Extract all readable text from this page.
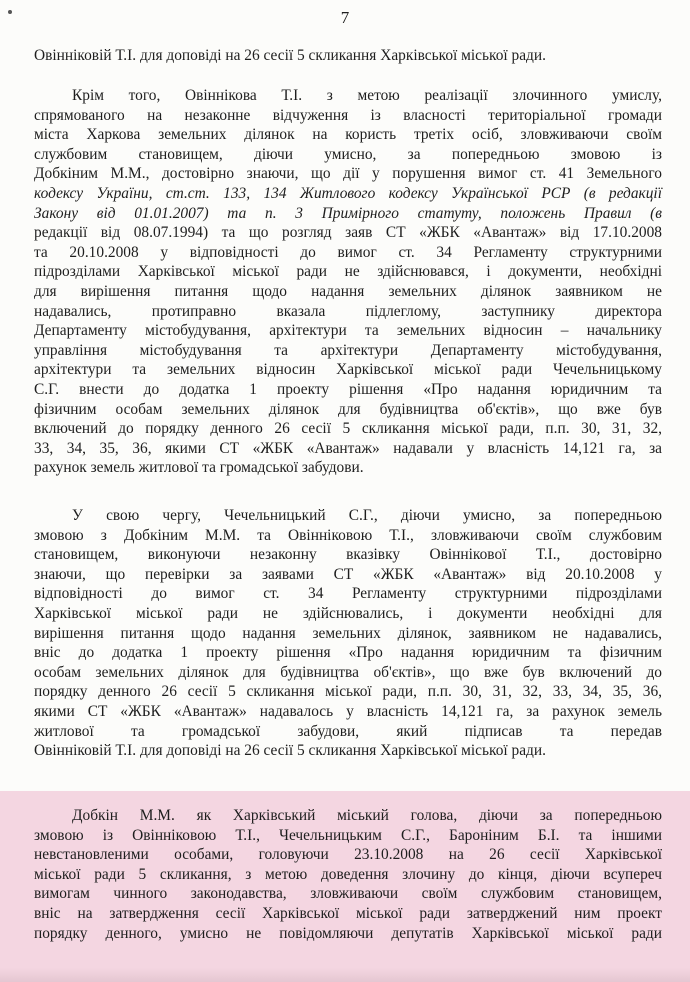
7
Овінніковій Т.І. для доповіді на 26 сесії 5 скликання Харківської міської ради.
Крім того, Овіннікова Т.І. з метою реалізації злочинного умислу,
спрямованого на незаконне відчуження із власності територіальної громади
міста Харкова земельних ділянок на користь третіх осіб, зловживаючи своїм
службовим становищем, діючи умисно, за попередньою змовою із
Добкіним М.М., достовірно знаючи, що дії у порушення вимог ст. 41 Земельного
кодексу України, ст.ст. 133, 134 Житлового кодексу Української РСР (в редакції
Закону від 01.01.2007) та п. 3 Примірного статуту, положень Правил (в
редакції від 08.07.1994) та що розгляд заяв СТ «ЖБК «Авантаж» від 17.10.2008
та 20.10.2008 у відповідності до вимог ст. 34 Регламенту структурними
підрозділами Харківської міської ради не здійснювався, і документи, необхідні
для вирішення питання щодо надання земельних ділянок заявником не
надавались, протиправно вказала підлеглому, заступнику директора
Департаменту містобудування, архітектури та земельних відносин – начальнику
управління містобудування та архітектури Департаменту містобудування,
архітектури та земельних відносин Харківської міської ради Чечельницькому
С.Г. внести до додатка 1 проекту рішення «Про надання юридичним та
фізичним особам земельних ділянок для будівництва об'єктів», що вже був
включений до порядку денного 26 сесії 5 скликання міської ради, п.п. 30, 31, 32,
33, 34, 35, 36, якими СТ «ЖБК «Авантаж» надавали у власність 14,121 га, за
рахунок земель житлової та громадської забудови.
У свою чергу, Чечельницький С.Г., діючи умисно, за попередньою
змовою з Добкіним М.М. та Овінніковою Т.І., зловживаючи своїм службовим
становищем, виконуючи незаконну вказівку Овіннікової Т.І., достовірно
знаючи, що перевірки за заявами СТ «ЖБК «Авантаж» від 20.10.2008 у
відповідності до вимог ст. 34 Регламенту структурними підрозділами
Харківської міської ради не здійснювались, і документи необхідні для
вирішення питання щодо надання земельних ділянок, заявником не надавались,
вніс до додатка 1 проекту рішення «Про надання юридичним та фізичним
особам земельних ділянок для будівництва об'єктів», що вже був включений до
порядку денного 26 сесії 5 скликання міської ради, п.п. 30, 31, 32, 33, 34, 35, 36,
якими СТ «ЖБК «Авантаж» надавалось у власність 14,121 га, за рахунок земель
житлової та громадської забудови, який підписав та передав
Овінніковій Т.І. для доповіді на 26 сесії 5 скликання Харківської міської ради.
Добкін М.М. як Харківський міський голова, діючи за попередньою
змовою із Овінніковою Т.І., Чечельницьким С.Г., Бароніним Б.І. та іншими
невстановленими особами, головуючи 23.10.2008 на 26 сесії Харківської
міської ради 5 скликання, з метою доведення злочину до кінця, діючи всупереч
вимогам чинного законодавства, зловживаючи своїм службовим становищем,
вніс на затвердження сесії Харківської міської ради затверджений ним проект
порядку денного, умисно не повідомляючи депутатів Харківської міської ради
